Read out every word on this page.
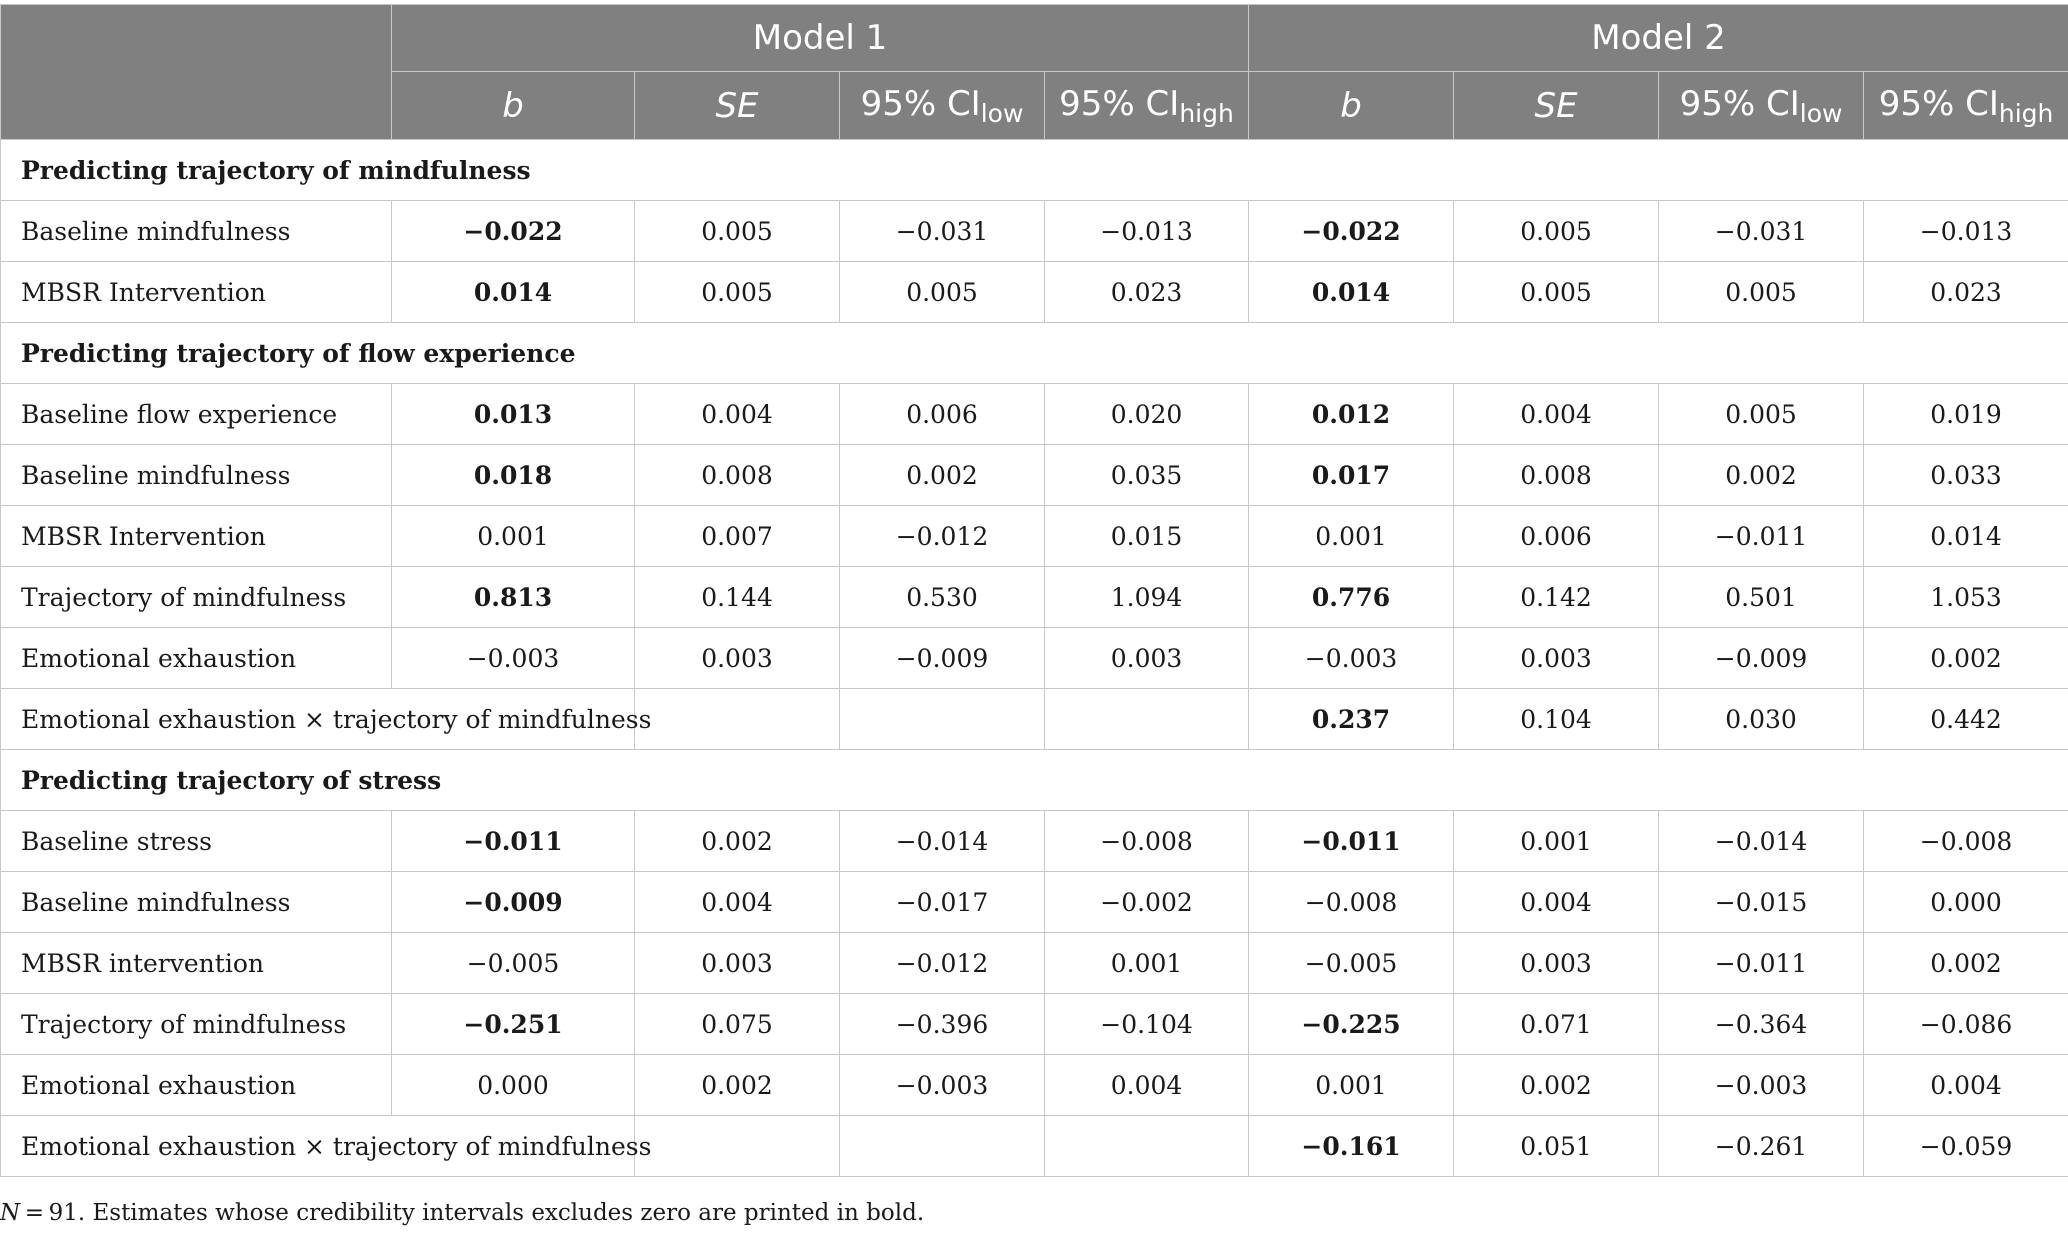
	Model 1				Model 2			
	b	SE	95% $CI_{low}$	95% $CI_{high}$	b	SE	95% $CI_{low}$	95% $CI_{high}$
Predicting trajectory of mindfulness								
Baseline mindfulness	−0.022	0.005	−0.031	−0.013	−0.022	0.005	−0.031	−0.013
MBSR Intervention	0.014	0.005	0.005	0.023	0.014	0.005	0.005	0.023
Predicting trajectory of flow experience								
Baseline flow experience	0.013	0.004	0.006	0.020	0.012	0.004	0.005	0.019
Baseline mindfulness	0.018	0.008	0.002	0.035	0.017	0.008	0.002	0.033
MBSR Intervention	0.001	0.007	−0.012	0.015	0.001	0.006	−0.011	0.014
Trajectory of mindfulness	0.813	0.144	0.530	1.094	0.776	0.142	0.501	1.053
Emotional exhaustion	−0.003	0.003	−0.009	0.003	−0.003	0.003	−0.009	0.002
Emotional exhaustion × trajectory of mindfulness					0.237	0.104	0.030	0.442
Predicting trajectory of stress								
Baseline stress	−0.011	0.002	−0.014	−0.008	−0.011	0.001	−0.014	−0.008
Baseline mindfulness	−0.009	0.004	−0.017	−0.002	−0.008	0.004	−0.015	0.000
MBSR intervention	−0.005	0.003	−0.012	0.001	−0.005	0.003	−0.011	0.002
Trajectory of mindfulness	−0.251	0.075	−0.396	−0.104	−0.225	0.071	−0.364	−0.086
Emotional exhaustion	0.000	0.002	−0.003	0.004	0.001	0.002	−0.003	0.004
Emotional exhaustion × trajectory of mindfulness					−0.161	0.051	−0.261	−0.059
N = 91. Estimates whose credibility intervals excludes zero are printed in bold.
